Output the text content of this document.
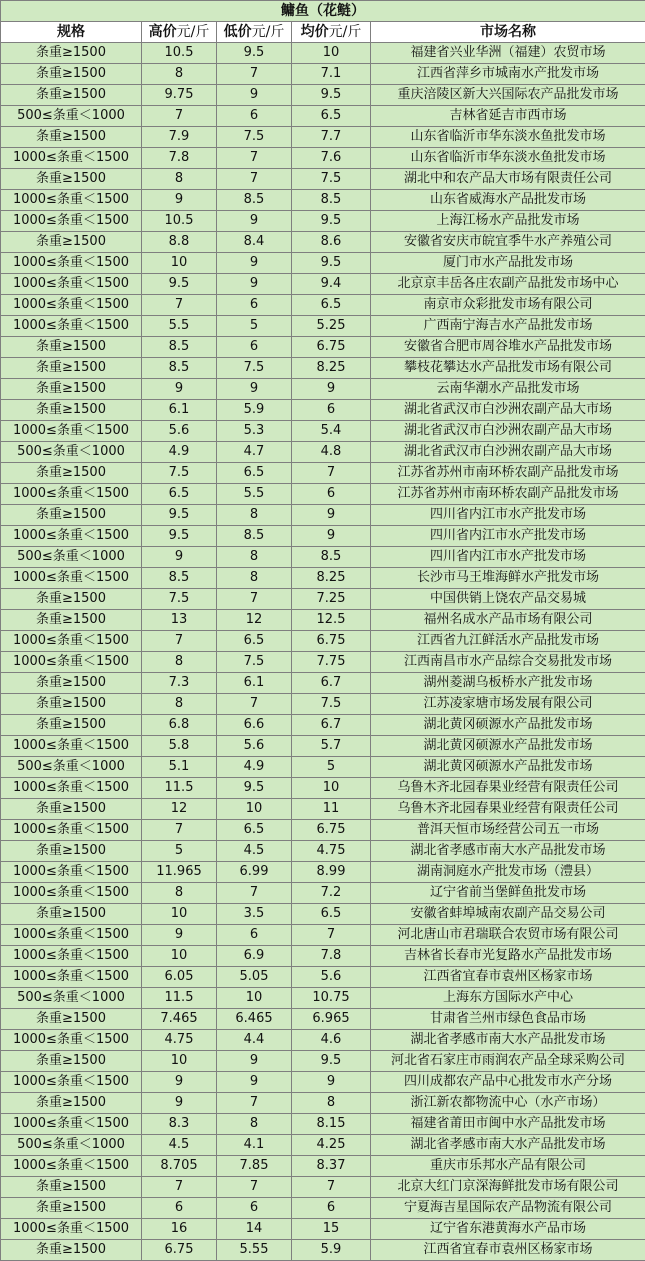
鳙鱼（花鲢）
规格	高价元/斤	低价元/斤	均价元/斤	市场名称
条重≥1500	10.5	9.5	10	福建省兴业华洲（福建）农贸市场
条重≥1500	8	7	7.1	江西省萍乡市城南水产批发市场
条重≥1500	9.75	9	9.5	重庆涪陵区新大兴国际农产品批发市场
500≤条重＜1000	7	6	6.5	吉林省延吉市西市场
条重≥1500	7.9	7.5	7.7	山东省临沂市华东淡水鱼批发市场
1000≤条重＜1500	7.8	7	7.6	山东省临沂市华东淡水鱼批发市场
条重≥1500	8	7	7.5	湖北中和农产品大市场有限责任公司
1000≤条重＜1500	9	8.5	8.5	山东省威海水产品批发市场
1000≤条重＜1500	10.5	9	9.5	上海江杨水产品批发市场
条重≥1500	8.8	8.4	8.6	安徽省安庆市皖宜季牛水产养殖公司
1000≤条重＜1500	10	9	9.5	厦门市水产品批发市场
1000≤条重＜1500	9.5	9	9.4	北京京丰岳各庄农副产品批发市场中心
1000≤条重＜1500	7	6	6.5	南京市众彩批发市场有限公司
1000≤条重＜1500	5.5	5	5.25	广西南宁海吉水产品批发市场
条重≥1500	8.5	6	6.75	安徽省合肥市周谷堆水产品批发市场
条重≥1500	8.5	7.5	8.25	攀枝花攀达水产品批发市场有限公司
条重≥1500	9	9	9	云南华潮水产品批发市场
条重≥1500	6.1	5.9	6	湖北省武汉市白沙洲农副产品大市场
1000≤条重＜1500	5.6	5.3	5.4	湖北省武汉市白沙洲农副产品大市场
500≤条重＜1000	4.9	4.7	4.8	湖北省武汉市白沙洲农副产品大市场
条重≥1500	7.5	6.5	7	江苏省苏州市南环桥农副产品批发市场
1000≤条重＜1500	6.5	5.5	6	江苏省苏州市南环桥农副产品批发市场
条重≥1500	9.5	8	9	四川省内江市水产批发市场
1000≤条重＜1500	9.5	8.5	9	四川省内江市水产批发市场
500≤条重＜1000	9	8	8.5	四川省内江市水产批发市场
1000≤条重＜1500	8.5	8	8.25	长沙市马王堆海鲜水产批发市场
条重≥1500	7.5	7	7.25	中国供销上饶农产品交易城
条重≥1500	13	12	12.5	福州名成水产品市场有限公司
1000≤条重＜1500	7	6.5	6.75	江西省九江鲜活水产品批发市场
1000≤条重＜1500	8	7.5	7.75	江西南昌市水产品综合交易批发市场
条重≥1500	7.3	6.1	6.7	湖州菱湖乌板桥水产批发市场
条重≥1500	8	7	7.5	江苏凌家塘市场发展有限公司
条重≥1500	6.8	6.6	6.7	湖北黄冈硕源水产品批发市场
1000≤条重＜1500	5.8	5.6	5.7	湖北黄冈硕源水产品批发市场
500≤条重＜1000	5.1	4.9	5	湖北黄冈硕源水产品批发市场
1000≤条重＜1500	11.5	9.5	10	乌鲁木齐北园春果业经营有限责任公司
条重≥1500	12	10	11	乌鲁木齐北园春果业经营有限责任公司
1000≤条重＜1500	7	6.5	6.75	普洱天恒市场经营公司五一市场
条重≥1500	5	4.5	4.75	湖北省孝感市南大水产品批发市场
1000≤条重＜1500	11.965	6.99	8.99	湖南洞庭水产批发市场（澧县）
1000≤条重＜1500	8	7	7.2	辽宁省前当堡鲜鱼批发市场
条重≥1500	10	3.5	6.5	安徽省蚌埠城南农副产品交易公司
1000≤条重＜1500	9	6	7	河北唐山市君瑞联合农贸市场有限公司
1000≤条重＜1500	10	6.9	7.8	吉林省长春市光复路水产品批发市场
1000≤条重＜1500	6.05	5.05	5.6	江西省宜春市袁州区杨家市场
500≤条重＜1000	11.5	10	10.75	上海东方国际水产中心
条重≥1500	7.465	6.465	6.965	甘肃省兰州市绿色食品市场
1000≤条重＜1500	4.75	4.4	4.6	湖北省孝感市南大水产品批发市场
条重≥1500	10	9	9.5	河北省石家庄市雨润农产品全球采购公司
1000≤条重＜1500	9	9	9	四川成都农产品中心批发市水产分场
条重≥1500	9	7	8	浙江新农都物流中心（水产市场）
1000≤条重＜1500	8.3	8	8.15	福建省莆田市闽中水产品批发市场
500≤条重＜1000	4.5	4.1	4.25	湖北省孝感市南大水产品批发市场
1000≤条重＜1500	8.705	7.85	8.37	重庆市乐邦水产品有限公司
条重≥1500	7	7	7	北京大红门京深海鲜批发市场有限公司
条重≥1500	6	6	6	宁夏海吉星国际农产品物流有限公司
1000≤条重＜1500	16	14	15	辽宁省东港黄海水产品市场
条重≥1500	6.75	5.55	5.9	江西省宜春市袁州区杨家市场
